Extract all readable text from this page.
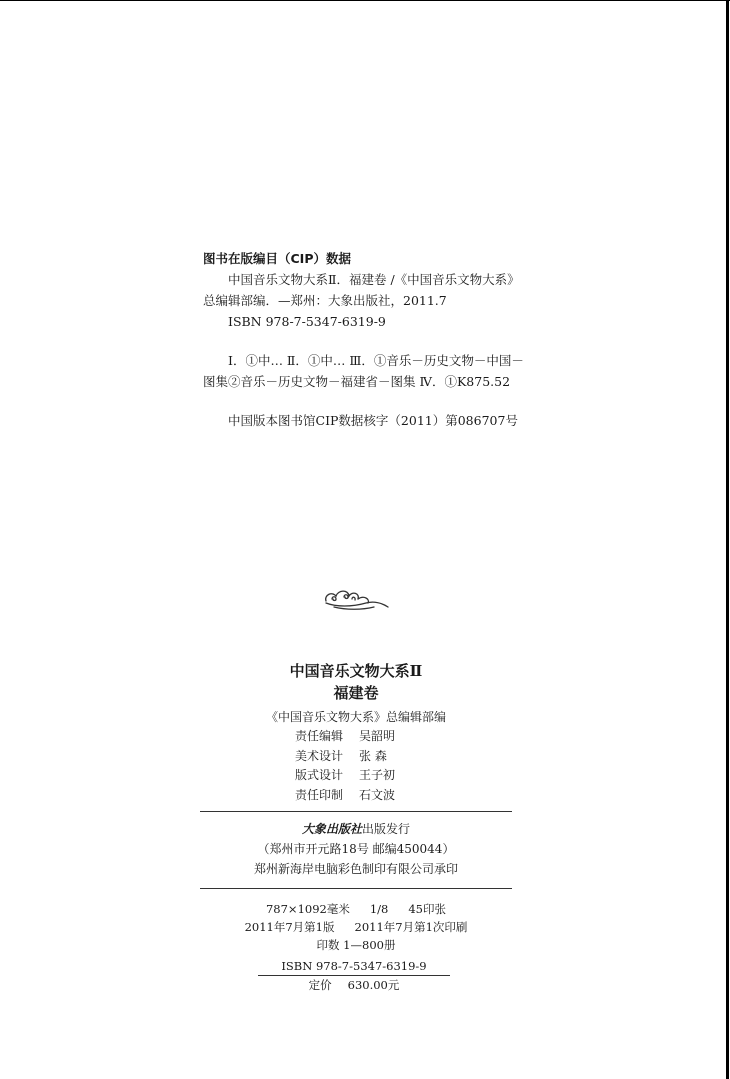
图书在版编目（CIP）数据
中国音乐文物大系Ⅱ．福建卷 /《中国音乐文物大系》
总编辑部编．—郑州：大象出版社，2011.7
ISBN 978-7-5347-6319-9
Ⅰ．①中… Ⅱ．①中… Ⅲ．①音乐－历史文物－中国－
图集②音乐－历史文物－福建省－图集 Ⅳ．①K875.52
中国版本图书馆CIP数据核字（2011）第086707号
中国音乐文物大系Ⅱ
福建卷
《中国音乐文物大系》总编辑部编
责任编辑 吴韶明
美术设计 张 森
版式设计 王子初
责任印制 石文波
大象出版社出版发行
（郑州市开元路18号 邮编450044）
郑州新海岸电脑彩色制印有限公司承印
787×1092毫米 1/8 45印张
2011年7月第1版 2011年7月第1次印刷
印数 1—800册
ISBN 978-7-5347-6319-9
定价 630.00元
